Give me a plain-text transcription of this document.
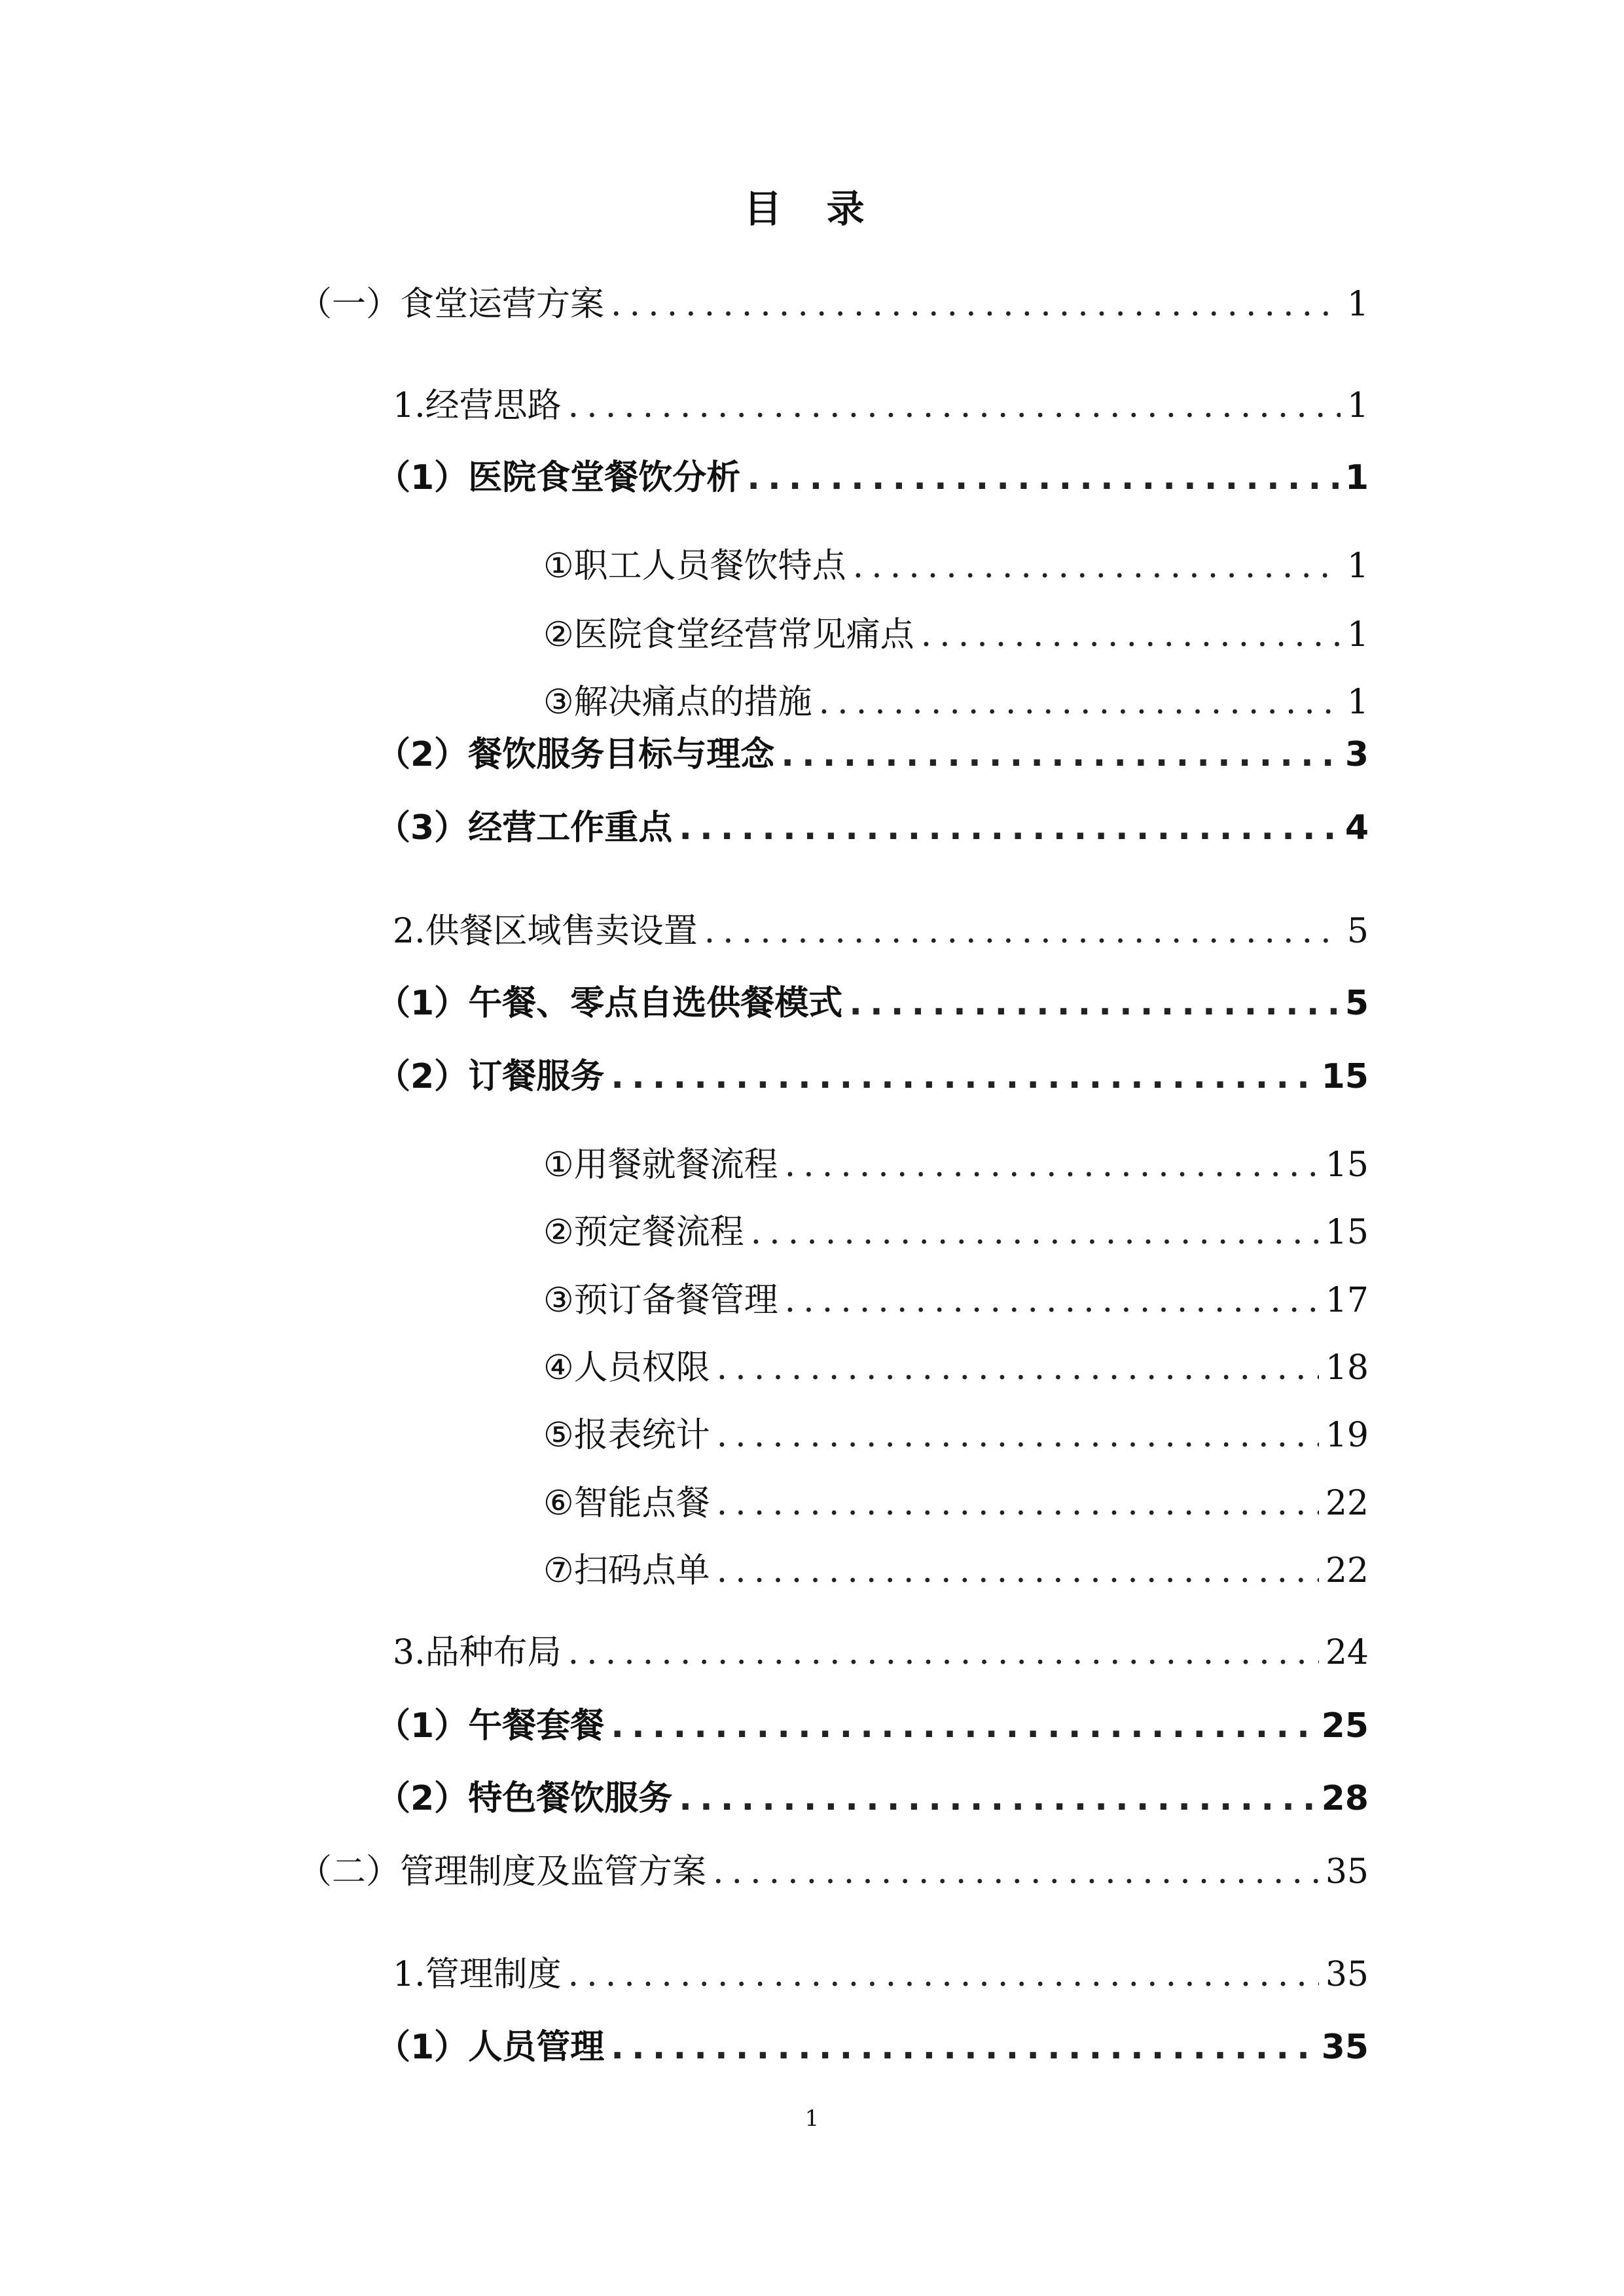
目 录
（一） 食堂运营方案 .....	1
1. 经营思路 .....	1
（1） 医院食堂餐饮分析 .....	1
① 职工人员餐饮特点 .....	1
② 医院食堂经营常见痛点 .....	1
③ 解决痛点的措施 .....	1
（2） 餐饮服务目标与理念 .....	3
（3） 经营工作重点 .....	4
2. 供餐区域售卖设置 .....	5
（1） 午餐、零点自选供餐模式 .....	5
（2） 订餐服务 .....	15
① 用餐就餐流程 .....	15
② 预定餐流程 .....	15
③ 预订备餐管理 .....	17
④ 人员权限 .....	18
⑤ 报表统计 .....	19
⑥ 智能点餐 .....	22
⑦ 扫码点单 .....	22
3. 品种布局 .....	24
（1） 午餐套餐 .....	25
（2） 特色餐饮服务 .....	28
（二） 管理制度及监管方案 .....	35
1. 管理制度 .....	35
（1） 人员管理 .....	35
1
